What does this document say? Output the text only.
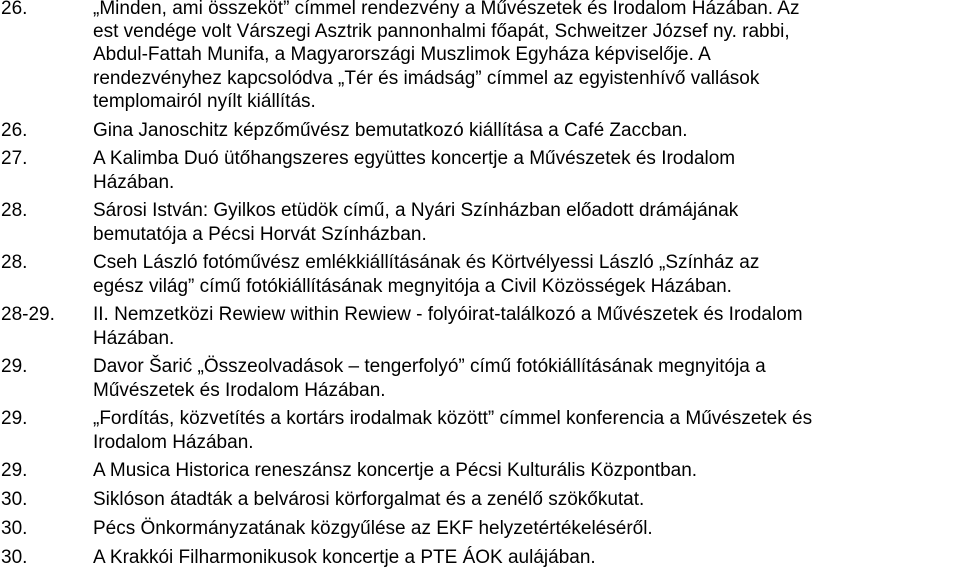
26.	„Minden, ami összeköt” címmel rendezvény a Művészetek és Irodalom Házában. Az
est vendége volt Várszegi Asztrik pannonhalmi főapát, Schweitzer József ny. rabbi,
Abdul-Fattah Munifa, a Magyarországi Muszlimok Egyháza képviselője. A
rendezvényhez kapcsolódva „Tér és imádság” címmel az egyistenhívő vallások
templomairól nyílt kiállítás.
26.	Gina Janoschitz képzőművész bemutatkozó kiállítása a Café Zaccban.
27.	A Kalimba Duó ütőhangszeres együttes koncertje a Művészetek és Irodalom
Házában.
28.	Sárosi István: Gyilkos etüdök című, a Nyári Színházban előadott drámájának
bemutatója a Pécsi Horvát Színházban.
28.	Cseh László fotóművész emlékkiállításának és Körtvélyessi László „Színház az
egész világ” című fotókiállításának megnyitója a Civil Közösségek Házában.
28-29.	II. Nemzetközi Rewiew within Rewiew - folyóirat-találkozó a Művészetek és Irodalom
Házában.
29.	Davor Šarić „Összeolvadások – tengerfolyó” című fotókiállításának megnyitója a
Művészetek és Irodalom Házában.
29.	„Fordítás, közvetítés a kortárs irodalmak között” címmel konferencia a Művészetek és
Irodalom Házában.
29.	A Musica Historica reneszánsz koncertje a Pécsi Kulturális Központban.
30.	Siklóson átadták a belvárosi körforgalmat és a zenélő szökőkutat.
30.	Pécs Önkormányzatának közgyűlése az EKF helyzetértékeléséről.
30.	A Krakkói Filharmonikusok koncertje a PTE ÁOK aulájában.
